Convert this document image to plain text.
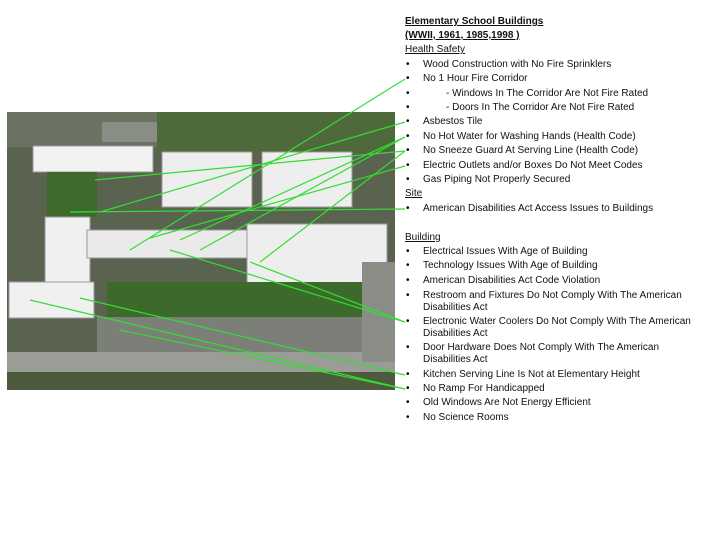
Elementary School Buildings
(WWII, 1961, 1985,1998 )
Health Safety
Site
Building
• Wood Construction with No Fire Sprinklers
• No 1 Hour Fire Corridor
•	- Windows In The Corridor Are Not Fire Rated
•	- Doors In The Corridor Are Not Fire Rated
• Asbestos Tile
• No Hot Water for Washing Hands (Health Code)
• No Sneeze Guard At Serving Line (Health Code)
• Electric Outlets and/or Boxes Do Not Meet Codes
• Gas Piping Not Properly Secured
• American Disabilities Act Access Issues to Buildings
• Electrical Issues With Age of Building
• Technology Issues With Age of Building
• American Disabilities Act Code Violation
• Restroom and Fixtures Do Not Comply With The American
Disabilities Act
• Electronic Water Coolers Do Not Comply With The American
Disabilities Act
• Door Hardware Does Not Comply With The American
Disabilities Act
• Kitchen Serving Line Is Not at Elementary Height
• No Ramp For Handicapped
• Old Windows Are Not Energy Efficient
• No Science Rooms
